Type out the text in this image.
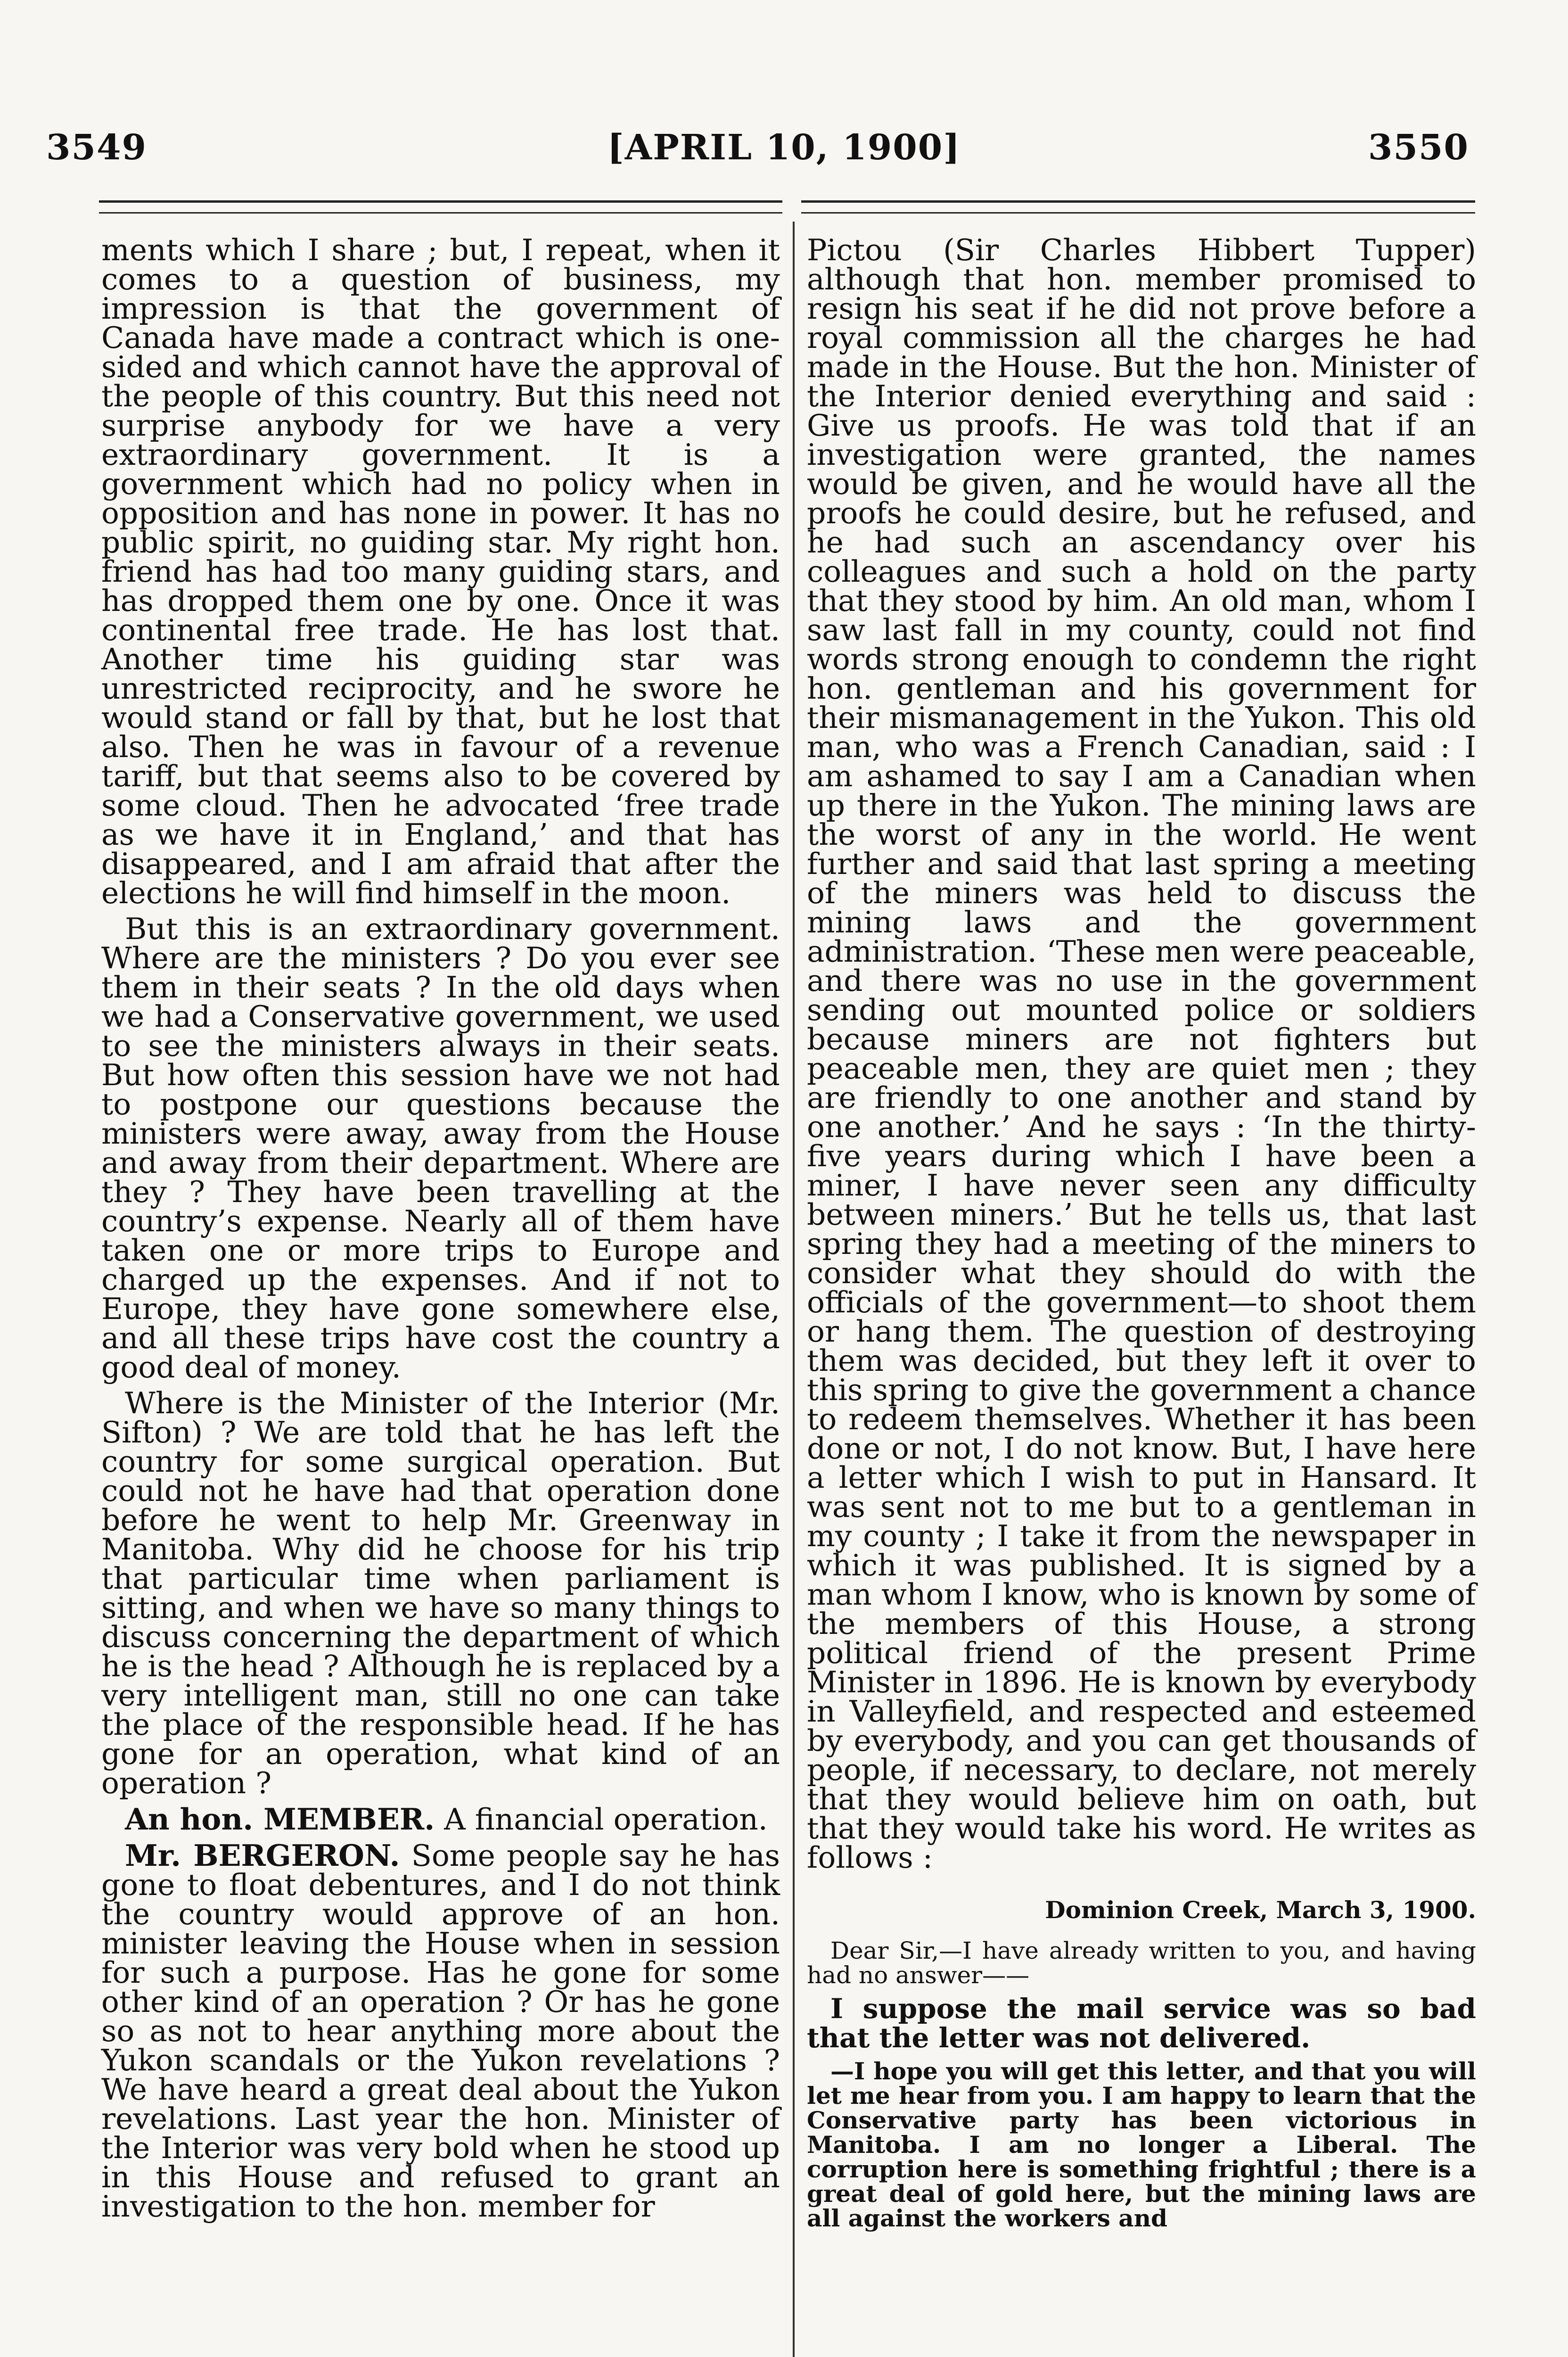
3549	[APRIL 10, 1900]	3550

ments which I share ; but, I repeat, when it comes to a question of business, my impression is that the government of Canada have made a contract which is one-sided and which cannot have the approval of the people of this country. But this need not surprise anybody for we have a very extraordinary government. It is a government which had no policy when in opposition and has none in power. It has no public spirit, no guiding star. My right hon. friend has had too many guiding stars, and has dropped them one by one. Once it was continental free trade. He has lost that. Another time his guiding star was unrestricted reciprocity, and he swore he would stand or fall by that, but he lost that also. Then he was in favour of a revenue tariff, but that seems also to be covered by some cloud. Then he advocated ‘free trade as we have it in England,’ and that has disappeared, and I am afraid that after the elections he will find himself in the moon.

But this is an extraordinary government. Where are the ministers ? Do you ever see them in their seats ? In the old days when we had a Conservative government, we used to see the ministers always in their seats. But how often this session have we not had to postpone our questions because the ministers were away, away from the House and away from their department. Where are they ? They have been travelling at the country’s expense. Nearly all of them have taken one or more trips to Europe and charged up the expenses. And if not to Europe, they have gone somewhere else, and all these trips have cost the country a good deal of money.

Where is the Minister of the Interior (Mr. Sifton) ? We are told that he has left the country for some surgical operation. But could not he have had that operation done before he went to help Mr. Greenway in Manitoba. Why did he choose for his trip that particular time when parliament is sitting, and when we have so many things to discuss concerning the department of which he is the head ? Although he is replaced by a very intelligent man, still no one can take the place of the responsible head. If he has gone for an operation, what kind of an operation ?

An hon. MEMBER. A financial operation.

Mr. BERGERON. Some people say he has gone to float debentures, and I do not think the country would approve of an hon. minister leaving the House when in session for such a purpose. Has he gone for some other kind of an operation ? Or has he gone so as not to hear anything more about the Yukon scandals or the Yukon revelations ? We have heard a great deal about the Yukon revelations. Last year the hon. Minister of the Interior was very bold when he stood up in this House and refused to grant an investigation to the hon. member for

Pictou (Sir Charles Hibbert Tupper) although that hon. member promised to resign his seat if he did not prove before a royal commission all the charges he had made in the House. But the hon. Minister of the Interior denied everything and said : Give us proofs. He was told that if an investigation were granted, the names would be given, and he would have all the proofs he could desire, but he refused, and he had such an ascendancy over his colleagues and such a hold on the party that they stood by him. An old man, whom I saw last fall in my county, could not find words strong enough to condemn the right hon. gentleman and his government for their mismanagement in the Yukon. This old man, who was a French Canadian, said : I am ashamed to say I am a Canadian when up there in the Yukon. The mining laws are the worst of any in the world. He went further and said that last spring a meeting of the miners was held to discuss the mining laws and the government administration. ‘These men were peaceable, and there was no use in the government sending out mounted police or soldiers because miners are not fighters but peaceable men, they are quiet men ; they are friendly to one another and stand by one another.’ And he says : ‘In the thirty-five years during which I have been a miner, I have never seen any difficulty between miners.’ But he tells us, that last spring they had a meeting of the miners to consider what they should do with the officials of the government—to shoot them or hang them. The question of destroying them was decided, but they left it over to this spring to give the government a chance to redeem themselves. Whether it has been done or not, I do not know. But, I have here a letter which I wish to put in Hansard. It was sent not to me but to a gentleman in my county ; I take it from the newspaper in which it was published. It is signed by a man whom I know, who is known by some of the members of this House, a strong political friend of the present Prime Minister in 1896. He is known by everybody in Valleyfield, and respected and esteemed by everybody, and you can get thousands of people, if necessary, to declare, not merely that they would believe him on oath, but that they would take his word. He writes as follows :

Dominion Creek, March 3, 1900.

Dear Sir,—I have already written to you, and having had no answer——

I suppose the mail service was so bad that the letter was not delivered.

—I hope you will get this letter, and that you will let me hear from you. I am happy to learn that the Conservative party has been victorious in Manitoba. I am no longer a Liberal. The corruption here is something frightful ; there is a great deal of gold here, but the mining laws are all against the workers and
